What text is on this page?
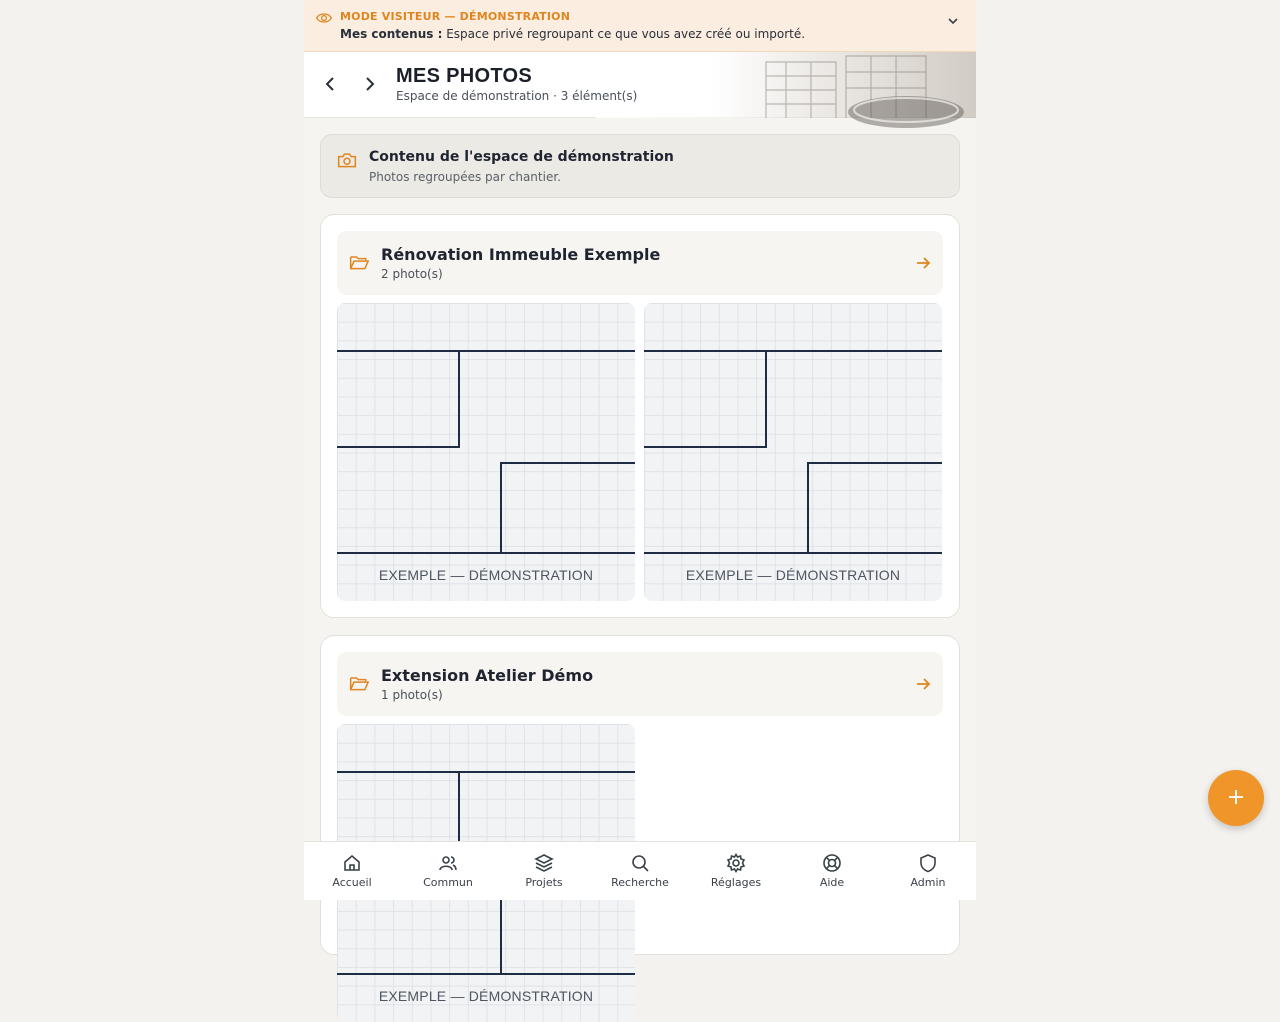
MODE VISITEUR — DÉMONSTRATION
Mes contenus : Espace privé regroupant ce que vous avez créé ou importé.
MES PHOTOS
Espace de démonstration · 3 élément(s)
Contenu de l'espace de démonstration
Photos regroupées par chantier.
Rénovation Immeuble Exemple
2 photo(s)
EXEMPLE — DÉMONSTRATION	EXEMPLE — DÉMONSTRATION
Extension Atelier Démo
1 photo(s)
EXEMPLE — DÉMONSTRATION
Accueil	Commun	Projets	Recherche	Réglages	Aide	Admin
+
